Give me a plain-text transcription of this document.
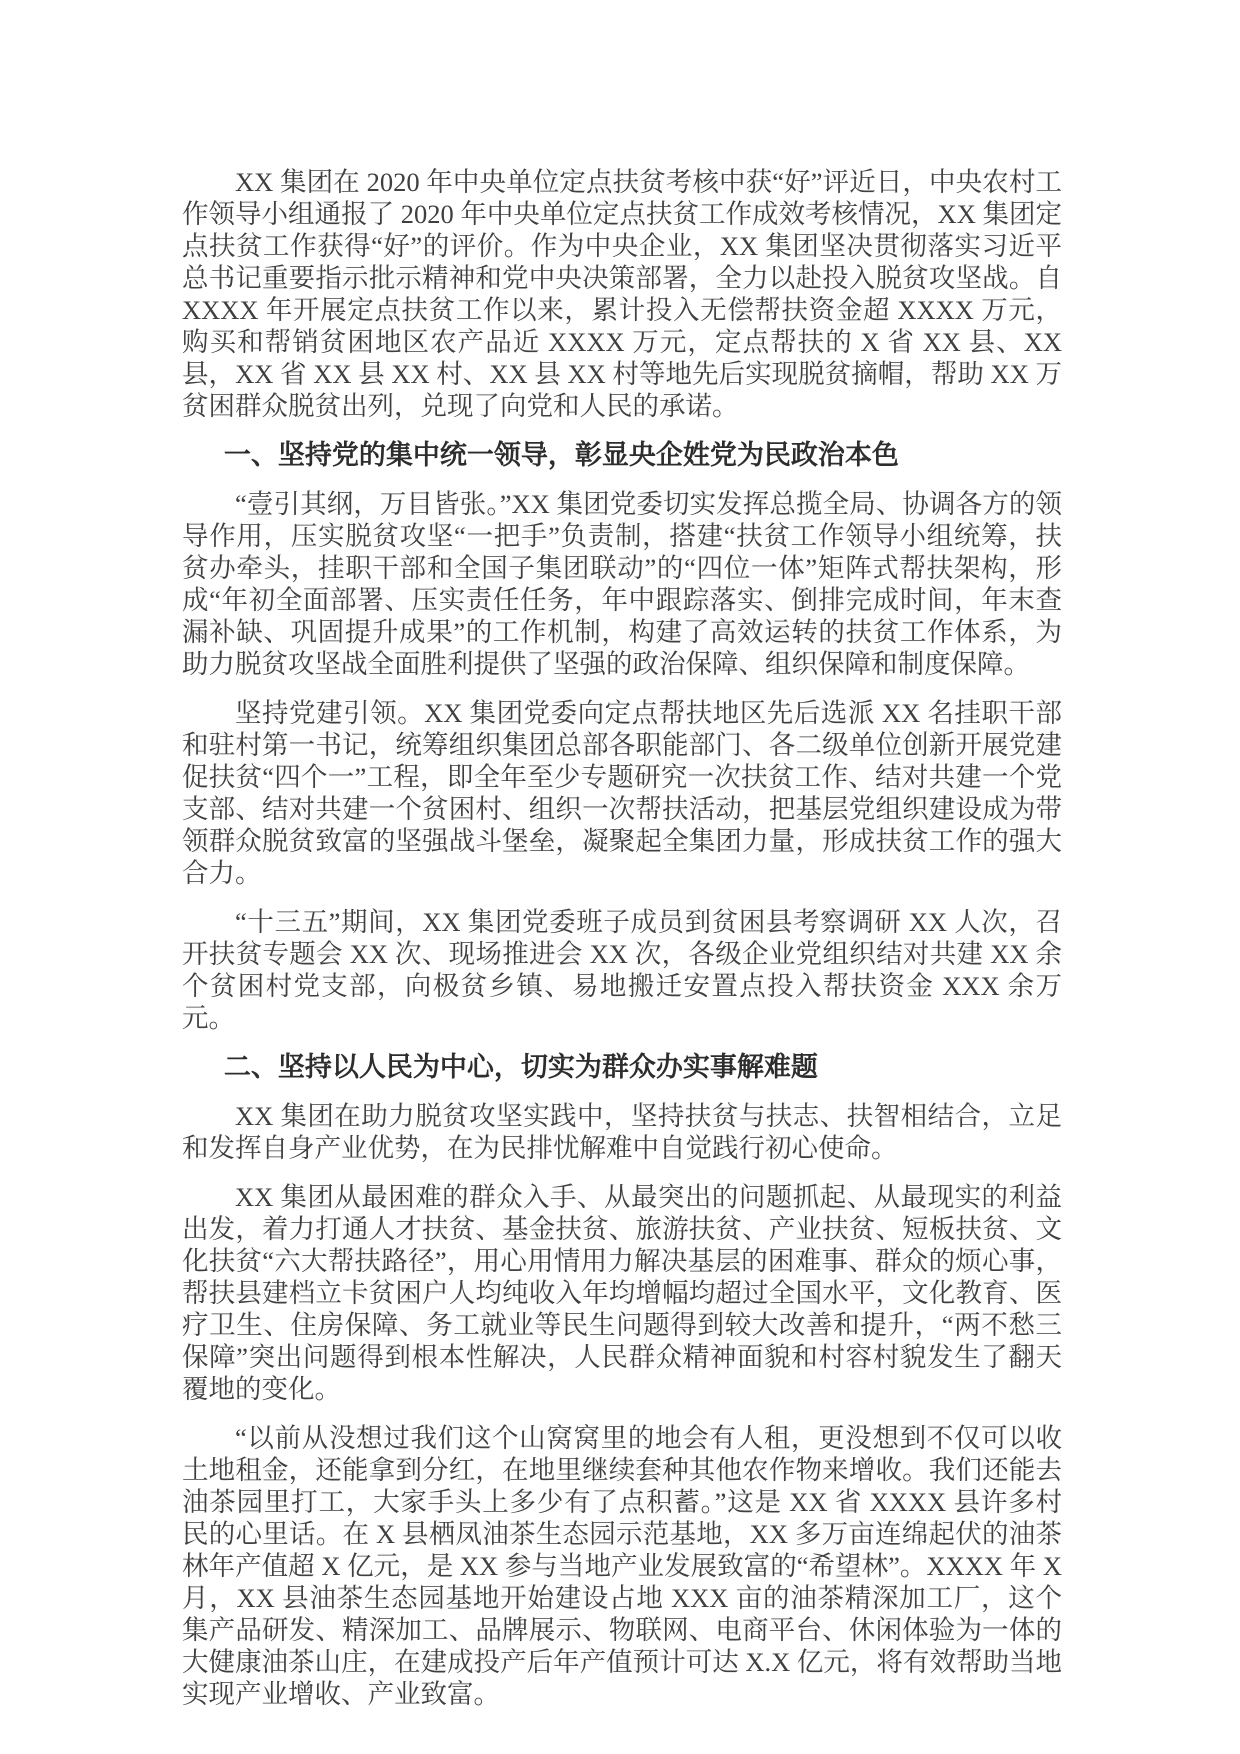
XX 集团在 2020 年中央单位定点扶贫考核中获“好”评近日，中央农村工作领导小组通报了 2020 年中央单位定点扶贫工作成效考核情况，XX 集团定点扶贫工作获得“好”的评价。作为中央企业，XX 集团坚决贯彻落实习近平总书记重要指示批示精神和党中央决策部署，全力以赴投入脱贫攻坚战。自 XXXX 年开展定点扶贫工作以来，累计投入无偿帮扶资金超 XXXX 万元，购买和帮销贫困地区农产品近 XXXX 万元，定点帮扶的 X 省 XX 县、XX 县，XX 省 XX 县 XX 村、XX 县 XX 村等地先后实现脱贫摘帽，帮助 XX 万贫困群众脱贫出列，兑现了向党和人民的承诺。

一、坚持党的集中统一领导，彰显央企姓党为民政治本色

“壹引其纲，万目皆张。”XX 集团党委切实发挥总揽全局、协调各方的领导作用，压实脱贫攻坚“一把手”负责制，搭建“扶贫工作领导小组统筹，扶贫办牵头，挂职干部和全国子集团联动”的“四位一体”矩阵式帮扶架构，形成“年初全面部署、压实责任任务，年中跟踪落实、倒排完成时间，年末查漏补缺、巩固提升成果”的工作机制，构建了高效运转的扶贫工作体系，为助力脱贫攻坚战全面胜利提供了坚强的政治保障、组织保障和制度保障。

坚持党建引领。XX 集团党委向定点帮扶地区先后选派 XX 名挂职干部和驻村第一书记，统筹组织集团总部各职能部门、各二级单位创新开展党建促扶贫“四个一”工程，即全年至少专题研究一次扶贫工作、结对共建一个党支部、结对共建一个贫困村、组织一次帮扶活动，把基层党组织建设成为带领群众脱贫致富的坚强战斗堡垒，凝聚起全集团力量，形成扶贫工作的强大合力。

“十三五”期间，XX 集团党委班子成员到贫困县考察调研 XX 人次，召开扶贫专题会 XX 次、现场推进会 XX 次，各级企业党组织结对共建 XX 余个贫困村党支部，向极贫乡镇、易地搬迁安置点投入帮扶资金 XXX 余万元。

二、坚持以人民为中心，切实为群众办实事解难题

XX 集团在助力脱贫攻坚实践中，坚持扶贫与扶志、扶智相结合，立足和发挥自身产业优势，在为民排忧解难中自觉践行初心使命。

XX 集团从最困难的群众入手、从最突出的问题抓起、从最现实的利益出发，着力打通人才扶贫、基金扶贫、旅游扶贫、产业扶贫、短板扶贫、文化扶贫“六大帮扶路径”，用心用情用力解决基层的困难事、群众的烦心事，帮扶县建档立卡贫困户人均纯收入年均增幅均超过全国水平，文化教育、医疗卫生、住房保障、务工就业等民生问题得到较大改善和提升，“两不愁三保障”突出问题得到根本性解决，人民群众精神面貌和村容村貌发生了翻天覆地的变化。

“以前从没想过我们这个山窝窝里的地会有人租，更没想到不仅可以收土地租金，还能拿到分红，在地里继续套种其他农作物来增收。我们还能去油茶园里打工，大家手头上多少有了点积蓄。”这是 XX 省 XXXX 县许多村民的心里话。在 X 县栖凤油茶生态园示范基地，XX 多万亩连绵起伏的油茶林年产值超 X 亿元，是 XX 参与当地产业发展致富的“希望林”。XXXX 年 X 月，XX 县油茶生态园基地开始建设占地 XXX 亩的油茶精深加工厂，这个集产品研发、精深加工、品牌展示、物联网、电商平台、休闲体验为一体的大健康油茶山庄，在建成投产后年产值预计可达 X.X 亿元，将有效帮助当地实现产业增收、产业致富。
